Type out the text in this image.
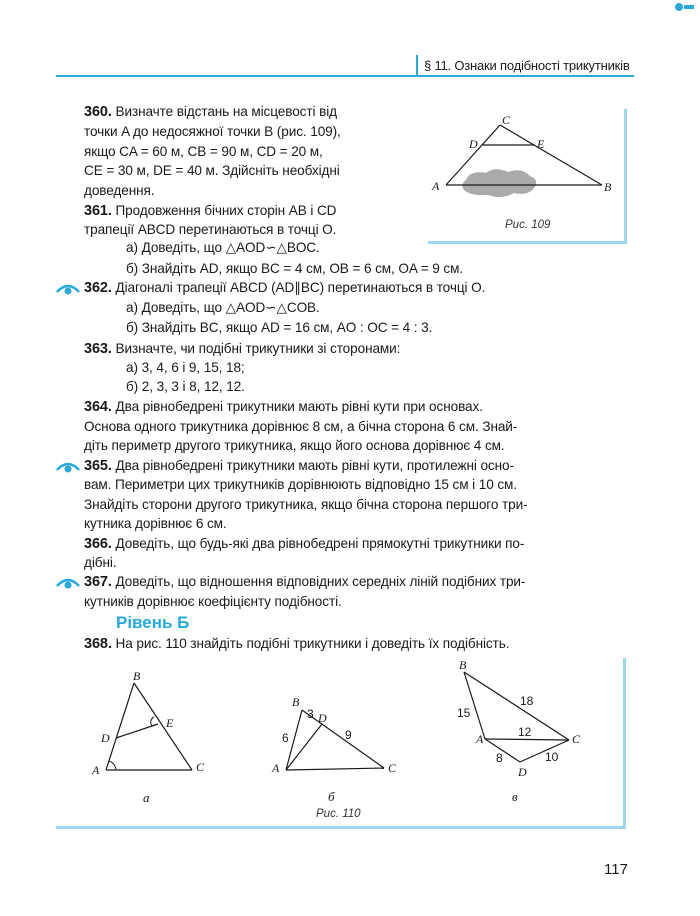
§ 11. Ознаки подібності трикутників
360. Визначте відстань на місцевості від
точки A до недосяжної точки B (рис. 109),
якщо CA = 60 м, CB = 90 м, CD = 20 м,
CE = 30 м, DE = 40 м. Здійсніть необхідні
доведення.
361. Продовження бічних сторін AB і CD
трапеції ABCD перетинаються в точці O.
а) Доведіть, що △AOD∽△BOC.
б) Знайдіть AD, якщо BC = 4 см, OB = 6 см, OA = 9 см.
362. Діагоналі трапеції ABCD (AD∥BC) перетинаються в точці O.
а) Доведіть, що △AOD∽△COB.
б) Знайдіть BC, якщо AD = 16 см, AO : OC = 4 : 3.
363. Визначте, чи подібні трикутники зі сторонами:
а) 3, 4, 6 і 9, 15, 18;
б) 2, 3, 3 і 8, 12, 12.
364. Два рівнобедрені трикутники мають рівні кути при основах.
Основа одного трикутника дорівнює 8 см, а бічна сторона 6 см. Знай-
діть периметр другого трикутника, якщо його основа дорівнює 4 см.
365. Два рівнобедрені трикутники мають рівні кути, протилежні осно-
вам. Периметри цих трикутників дорівнюють відповідно 15 см і 10 см.
Знайдіть сторони другого трикутника, якщо бічна сторона першого три-
кутника дорівнює 6 см.
366. Доведіть, що будь-які два рівнобедрені прямокутні трикутники по-
дібні.
367. Доведіть, що відношення відповідних середніх ліній подібних три-
кутників дорівнює коефіцієнту подібності.
Рівень Б
368. На рис. 110 знайдіть подібні трикутники і доведіть їх подібність.
A	B
C
D	E
Рис. 109
B
E
D
A	C
а
B
D
A	C
6
3
9
б
Рис. 110
B
A	C
D
15
18
12
8	10
в
117
